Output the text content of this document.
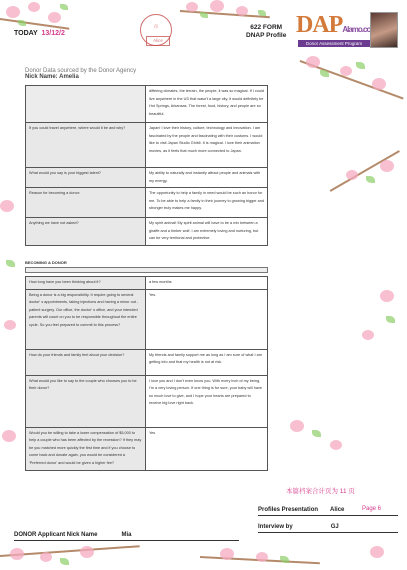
TODAY 13/12/2
印
Alice
622 FORM
DNAP Profile DAPAlamo.cc
Donor Assessment Program
Donor Data sourced by the Donor Agency
Nick Name: Amelia
	differing climates, the terrain, the people, it was so magical. If I could live anywhere in the US that wasn't a large city, it would definitely be Hot Springs, Arkansas. The forest, food, history, and people are so beautiful.
If you could travel anywhere, where would it be and why?	Japan! I love their history, culture, technology and innovation. I am fascinated by the people and fascinating with their customs. I would like to visit Japan Studio Ghibli. It is magical. I love their animation movies, as it feels that much more connected to Japan.
What would you say is your biggest talent?	My ability to naturally and instantly attract people and animals with my energy.
Reason for becoming a donor:	The opportunity to help a family in need would be such an honor for me. To be able to help a family in their journey to growing bigger and stronger truly makes me happy.
Anything we have not asked?	My spirit animal! My spirit animal will have to be a mix between a giraffe and a timber wolf. I am extremely loving and nurturing, but can be very territorial and protective.
BECOMING A DONOR
How long have you been thinking about it?	a few months
Being a donor is a big responsibility. It require going to several doctor' s appointments, taking injections and having a minor out - patient surgery. Our office, the doctor' s office, and your intended parents will count on you to be responsible throughout the entire cycle. So you feel prepared to commit to this process?	Yes.
How do your friends and family feel about your decision?	My friends and family support me as long as I am sure of what I am getting into and that my health is not at risk.
What would you like to say to the couple who chooses you to be their donor?	I love you and I don't even know you. With every inch of my being, I'm a very loving person. If one thing is for sure, your baby will have so much love to give, and I hope your hearts are prepared to receive big love right back.
Would you be willing to take a lower compensation of $5,000 to help a couple who has been affected by the recession? If they may be you matched more quickly the first time and if you choose to come back and donate again, you would be considered a 'Preferred donor' and would be given a higher fee?	Yes
本篇档案合计页为 11 页
Profiles Presentation Alice	Page 6
Interview by	GJ
DONOR Applicant Nick Name	Mia
